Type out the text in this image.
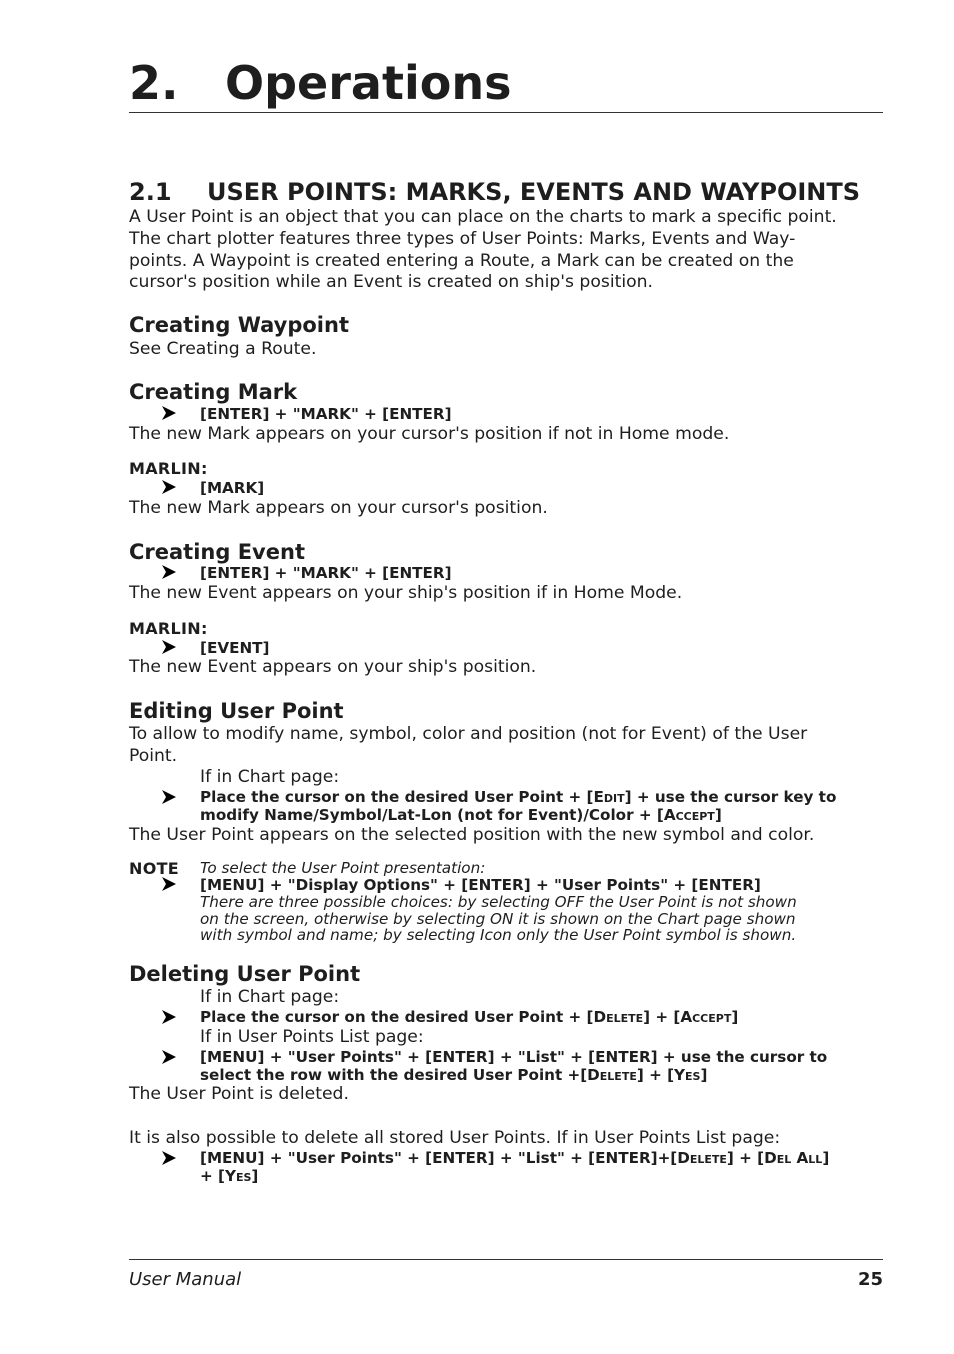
2. Operations
2.1 USER POINTS: MARKS, EVENTS AND WAYPOINTS
A User Point is an object that you can place on the charts to mark a specific point.
The chart plotter features three types of User Points: Marks, Events and Way-
points. A Waypoint is created entering a Route, a Mark can be created on the
cursor's position while an Event is created on ship's position.
Creating Waypoint
See Creating a Route.
Creating Mark
[ENTER] + "MARK" + [ENTER]
The new Mark appears on your cursor's position if not in Home mode.
MARLIN:
[MARK]
The new Mark appears on your cursor's position.
Creating Event
[ENTER] + "MARK" + [ENTER]
The new Event appears on your ship's position if in Home Mode.
MARLIN:
[EVENT]
The new Event appears on your ship's position.
Editing User Point
To allow to modify name, symbol, color and position (not for Event) of the User
Point.
If in Chart page:
Place the cursor on the desired User Point + [Edit] + use the cursor key to
modify Name/Symbol/Lat-Lon (not for Event)/Color + [Accept]
The User Point appears on the selected position with the new symbol and color.
NOTE To select the User Point presentation:
[MENU] + "Display Options" + [ENTER] + "User Points" + [ENTER]
There are three possible choices: by selecting OFF the User Point is not shown
on the screen, otherwise by selecting ON it is shown on the Chart page shown
with symbol and name; by selecting Icon only the User Point symbol is shown.
Deleting User Point
If in Chart page:
Place the cursor on the desired User Point + [Delete] + [Accept]
If in User Points List page:
[MENU] + "User Points" + [ENTER] + "List" + [ENTER] + use the cursor to
select the row with the desired User Point +[Delete] + [Yes]
The User Point is deleted.
It is also possible to delete all stored User Points. If in User Points List page:
[MENU] + "User Points" + [ENTER] + "List" + [ENTER]+[Delete] + [Del All]
+ [Yes]
User Manual	25
